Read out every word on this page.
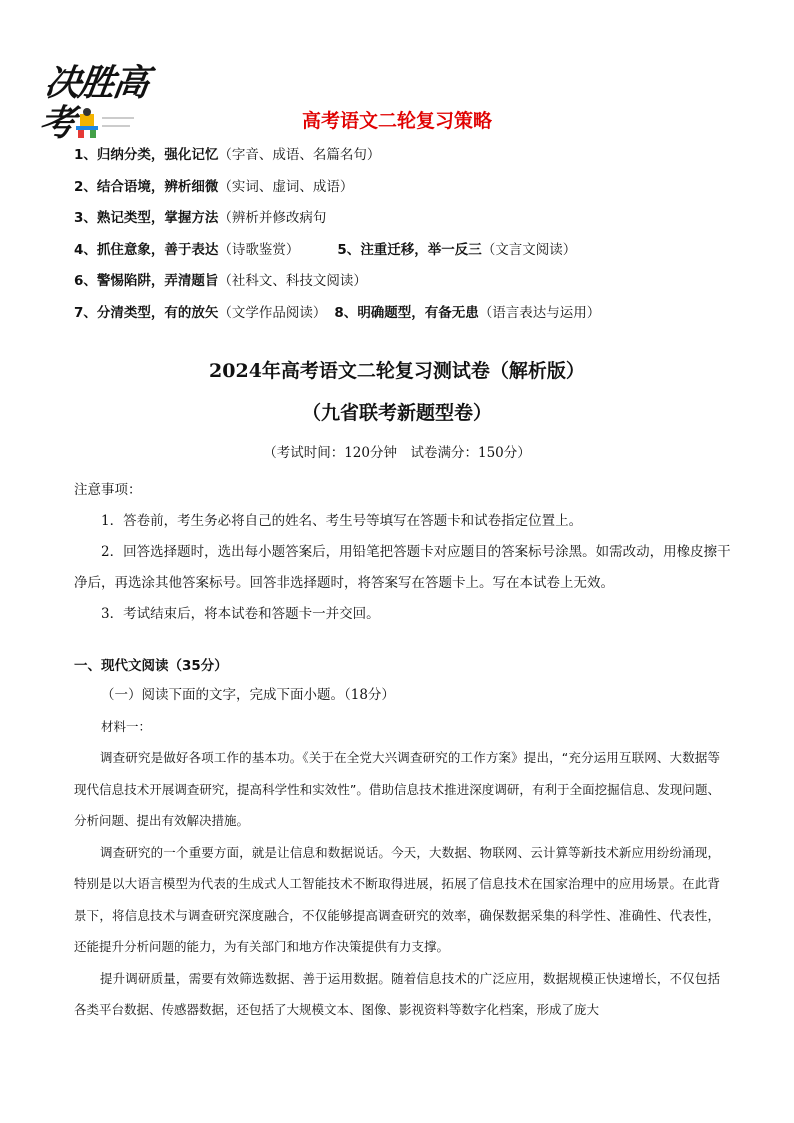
决胜高考	高考语文二轮复习策略
1、归纳分类，强化记忆（字音、成语、名篇名句）
2、结合语境，辨析细微（实词、虚词、成语）
3、熟记类型，掌握方法（辨析并修改病句
4、抓住意象，善于表达（诗歌鉴赏）	5、注重迁移，举一反三（文言文阅读）
6、警惕陷阱，弄清题旨（社科文、科技文阅读）
7、分清类型，有的放矢（文学作品阅读） 8、明确题型，有备无患（语言表达与运用）
2024年高考语文二轮复习测试卷（解析版）
（九省联考新题型卷）
（考试时间：120分钟　试卷满分：150分）

注意事项：

1．答卷前，考生务必将自己的姓名、考生号等填写在答题卡和试卷指定位置上。

2．回答选择题时，选出每小题答案后，用铅笔把答题卡对应题目的答案标号涂黑。如需改动，用橡皮擦干净后，再选涂其他答案标号。回答非选择题时，将答案写在答题卡上。写在本试卷上无效。

3．考试结束后，将本试卷和答题卡一并交回。

一、现代文阅读（35分）
（一）阅读下面的文字，完成下面小题。（18分）
材料一：

调查研究是做好各项工作的基本功。《关于在全党大兴调查研究的工作方案》提出，“充分运用互联网、大数据等现代信息技术开展调查研究，提高科学性和实效性”。借助信息技术推进深度调研，有利于全面挖掘信息、发现问题、分析问题、提出有效解决措施。

调查研究的一个重要方面，就是让信息和数据说话。今天，大数据、物联网、云计算等新技术新应用纷纷涌现，特别是以大语言模型为代表的生成式人工智能技术不断取得进展，拓展了信息技术在国家治理中的应用场景。在此背景下，将信息技术与调查研究深度融合，不仅能够提高调查研究的效率，确保数据采集的科学性、准确性、代表性，还能提升分析问题的能力，为有关部门和地方作决策提供有力支撑。

提升调研质量，需要有效筛选数据、善于运用数据。随着信息技术的广泛应用，数据规模正快速增长，不仅包括各类平台数据、传感器数据，还包括了大规模文本、图像、影视资料等数字化档案，形成了庞大
